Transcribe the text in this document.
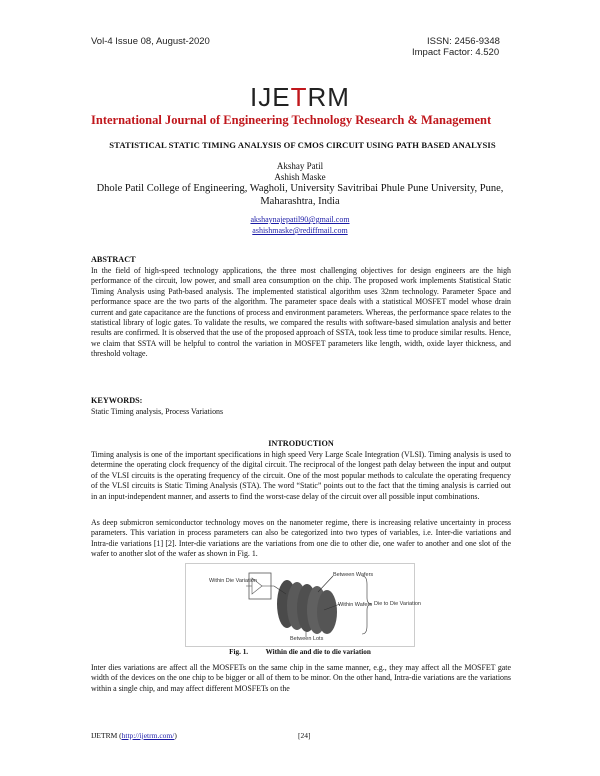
Vol-4 Issue 08, August-2020	ISSN: 2456-9348
Impact Factor: 4.520
IJETRM
International Journal of Engineering Technology Research & Management
STATISTICAL STATIC TIMING ANALYSIS OF CMOS CIRCUIT USING PATH BASED ANALYSIS
Akshay Patil
Ashish Maske
Dhole Patil College of Engineering, Wagholi, University Savitribai Phule Pune University, Pune, Maharashtra, India
akshaynajepatil90@gmail.com
ashishmaske@rediffmail.com
ABSTRACT
In the field of high-speed technology applications, the three most challenging objectives for design engineers are the high performance of the circuit, low power, and small area consumption on the chip. The proposed work implements Statistical Static Timing Analysis using Path-based analysis. The implemented statistical algorithm uses 32nm technology. Parameter Space and performance space are the two parts of the algorithm. The parameter space deals with a statistical MOSFET model whose drain current and gate capacitance are the functions of process and environment parameters. Whereas, the performance space relates to the statistical library of logic gates. To validate the results, we compared the results with software-based simulation analysis and better results are confirmed. It is observed that the use of the proposed approach of SSTA, took less time to produce similar results. Hence, we claim that SSTA will be helpful to control the variation in MOSFET parameters like length, width, oxide layer thickness, and threshold voltage.
KEYWORDS:
Static Timing analysis, Process Variations
INTRODUCTION
Timing analysis is one of the important specifications in high speed Very Large Scale Integration (VLSI). Timing analysis is used to determine the operating clock frequency of the digital circuit. The reciprocal of the longest path delay between the input and output of the VLSI circuits is the operating frequency of the circuit. One of the most popular methods to calculate the operating frequency of the VLSI circuits is Static Timing Analysis (STA). The word “Static” points out to the fact that the timing analysis is carried out in an input-independent manner, and asserts to find the worst-case delay of the circuit over all possible input combinations.
As deep submicron semiconductor technology moves on the nanometer regime, there is increasing relative uncertainty in process parameters. This variation in process parameters can also be categorized into two types of variables, i.e. Inter-die variations and Intra-die variations [1] [2]. Inter-die variations are the variations from one die to other die, one wafer to another and one slot of the wafer to another slot of the wafer as shown in Fig. 1.
Within Die Variation
Between Wafers
Within Wafers Die to Die Variation
Between Lots
Fig. 1. Within die and die to die variation
Inter dies variations are affect all the MOSFETs on the same chip in the same manner, e.g., they may affect all the MOSFET gate width of the devices on the one chip to be bigger or all of them to be minor. On the other hand, Intra-die variations are the variations within a single chip, and may affect different MOSFETs on the
IJETRM (http://ijetrm.com/)	[24]
